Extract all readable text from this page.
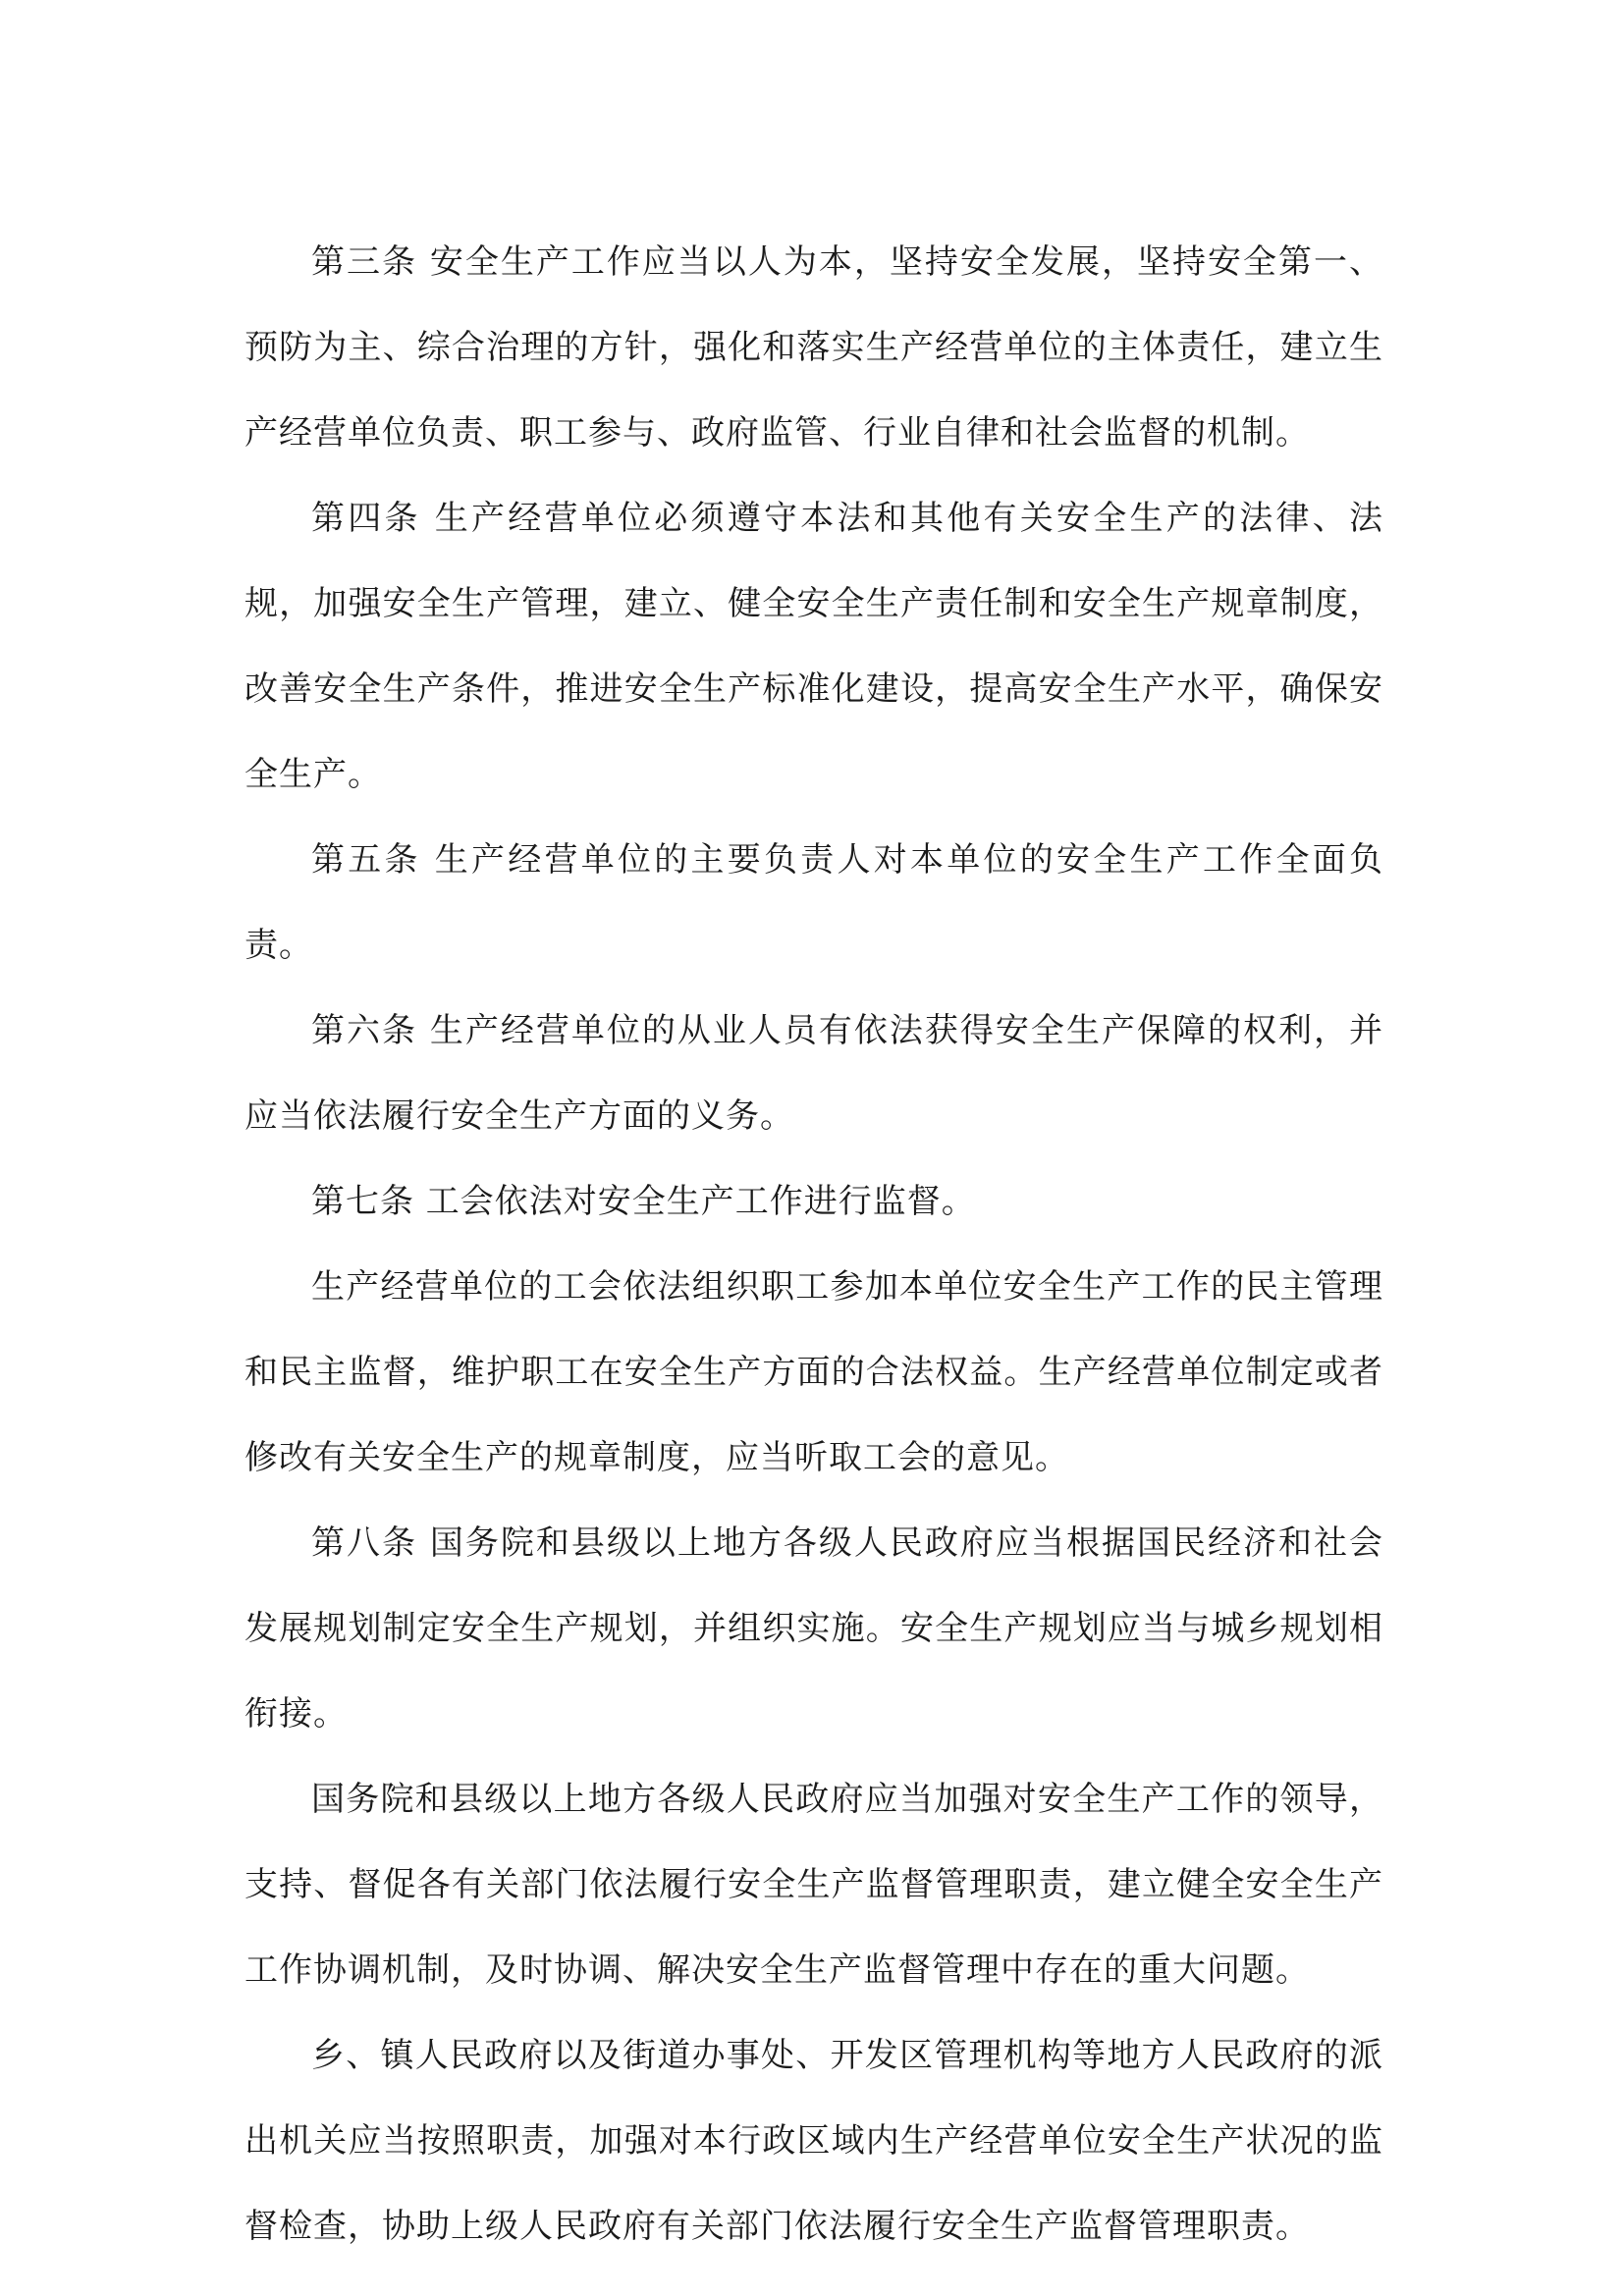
第三条 安全生产工作应当以人为本，坚持安全发展，坚持安全第一、预防为主、综合治理的方针，强化和落实生产经营单位的主体责任，建立生产经营单位负责、职工参与、政府监管、行业自律和社会监督的机制。

第四条 生产经营单位必须遵守本法和其他有关安全生产的法律、法规，加强安全生产管理，建立、健全安全生产责任制和安全生产规章制度，改善安全生产条件，推进安全生产标准化建设，提高安全生产水平，确保安全生产。

第五条 生产经营单位的主要负责人对本单位的安全生产工作全面负责。

第六条 生产经营单位的从业人员有依法获得安全生产保障的权利，并应当依法履行安全生产方面的义务。

第七条 工会依法对安全生产工作进行监督。

生产经营单位的工会依法组织职工参加本单位安全生产工作的民主管理和民主监督，维护职工在安全生产方面的合法权益。生产经营单位制定或者修改有关安全生产的规章制度，应当听取工会的意见。

第八条 国务院和县级以上地方各级人民政府应当根据国民经济和社会发展规划制定安全生产规划，并组织实施。安全生产规划应当与城乡规划相衔接。

国务院和县级以上地方各级人民政府应当加强对安全生产工作的领导，支持、督促各有关部门依法履行安全生产监督管理职责，建立健全安全生产工作协调机制，及时协调、解决安全生产监督管理中存在的重大问题。

乡、镇人民政府以及街道办事处、开发区管理机构等地方人民政府的派出机关应当按照职责，加强对本行政区域内生产经营单位安全生产状况的监督检查，协助上级人民政府有关部门依法履行安全生产监督管理职责。
